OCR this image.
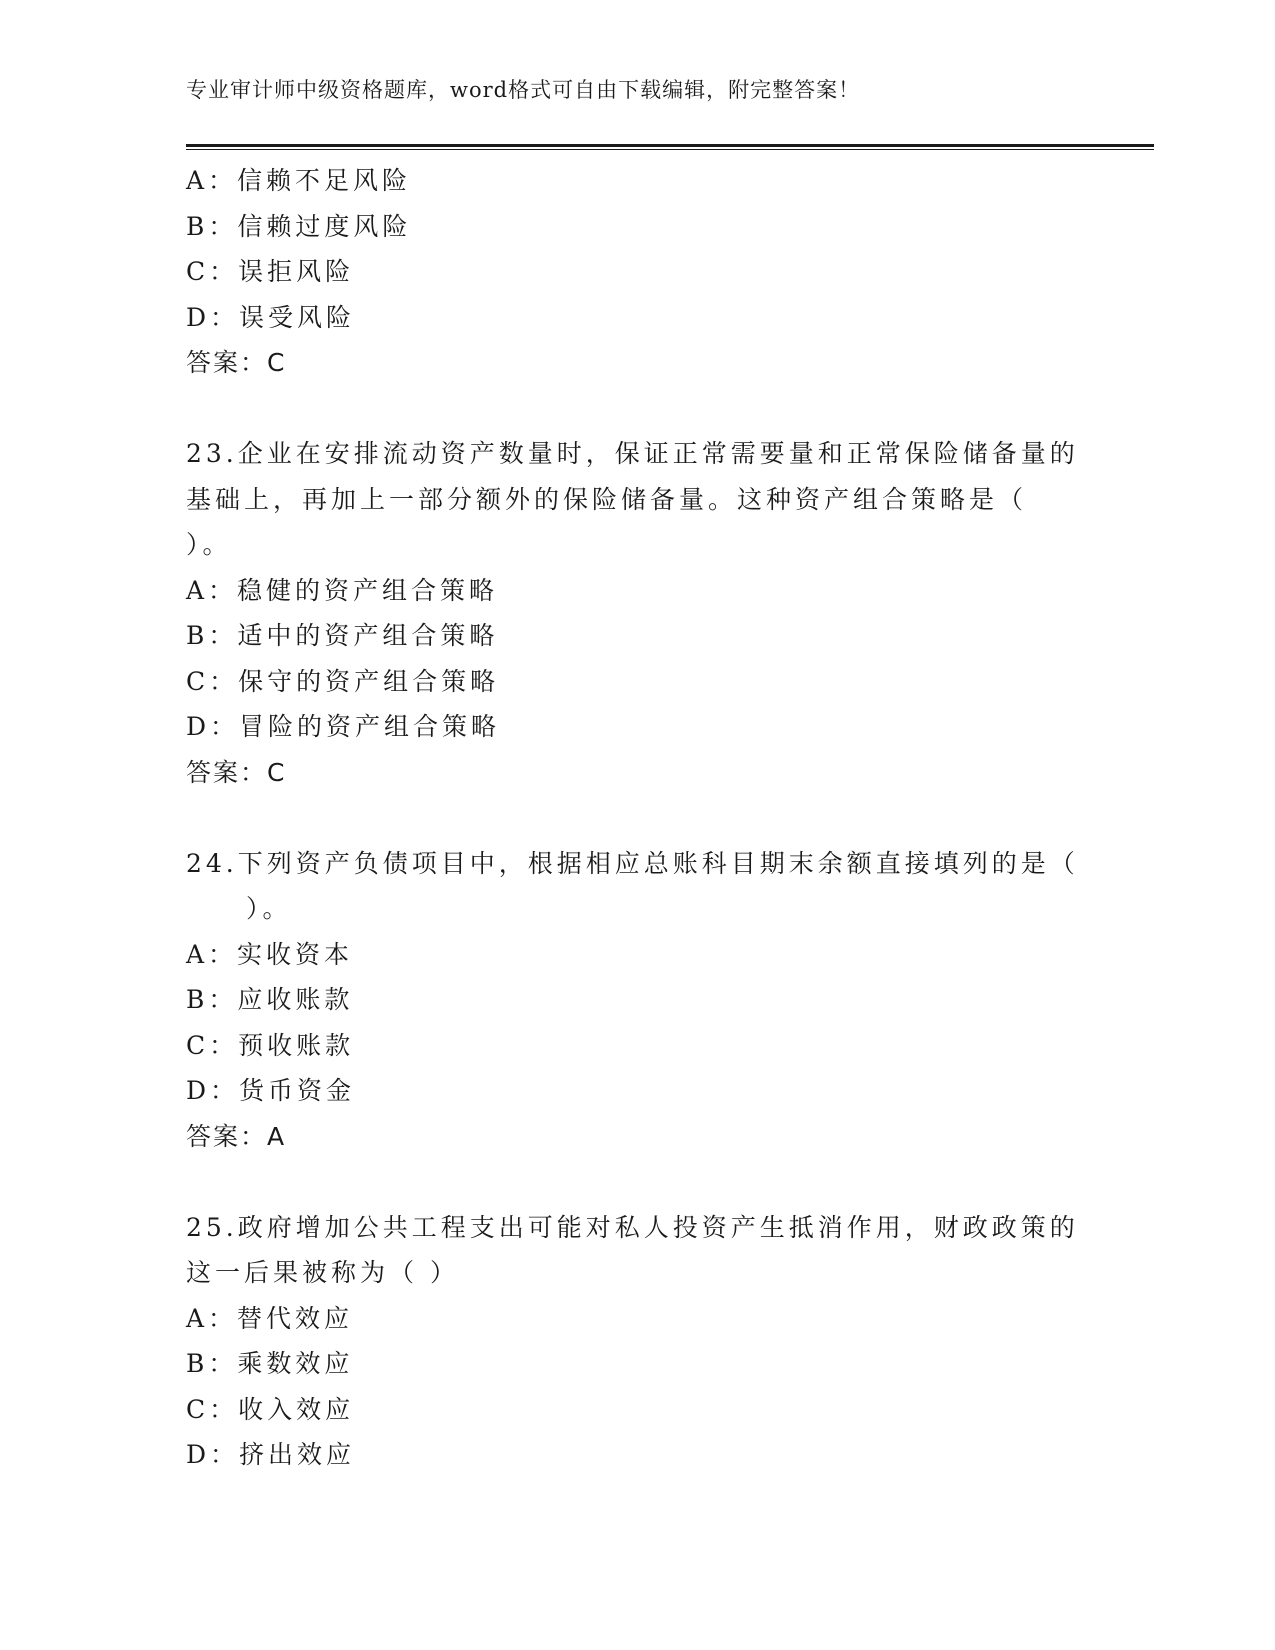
专业审计师中级资格题库，word格式可自由下载编辑，附完整答案！
A：信赖不足风险
B：信赖过度风险
C：误拒风险
D：误受风险
答案：C
23.企业在安排流动资产数量时，保证正常需要量和正常保险储备量的
基础上，再加上一部分额外的保险储备量。这种资产组合策略是（
）。
A：稳健的资产组合策略
B：适中的资产组合策略
C：保守的资产组合策略
D：冒险的资产组合策略
答案：C
24.下列资产负债项目中，根据相应总账科目期末余额直接填列的是（
）。
A：实收资本
B：应收账款
C：预收账款
D：货币资金
答案：A
25.政府增加公共工程支出可能对私人投资产生抵消作用，财政政策的
这一后果被称为（ ）
A：替代效应
B：乘数效应
C：收入效应
D：挤出效应
